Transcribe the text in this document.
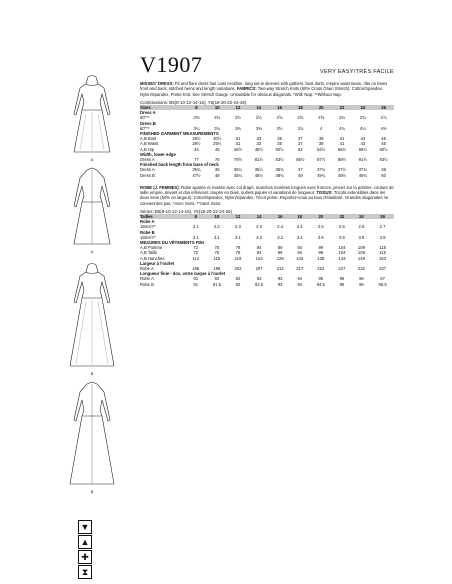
A
A
B
B
▼
▲
✚
⧗
V1907	VERY EASY/TRÈS FACILE
MISSES' DRESS: Fit and flare dress has cowl neckline, long set-in sleeves with gathers, bust darts, empire waist seam, ribs on lower front and back, stitched hems and length variations. FABRICS: Two-way Stretch Knits (50% Cross Grain Stretch): Cotton/Spandex, Nylon/Spandex, Ponte Knit. See Stretch Gauge. Unsuitable for obvious diagonals. *With Nap. **Without Nap.
Combinations: B5(8-10-12-14-16), Y5(18-20-22-24-26)
Sizes	8	10	12	14	16	18	20	22	24	26
Dress A										
60"**	2⅜	2⅜	2½	2½	2⅝	2⅝	2⅝	2¾	2¾	2⅞
Dress B										
60"**	3¼	3¼	3⅜	3⅜	3½	3⅞	4	4⅛	4¼	4⅜
FINISHED GARMENT MEASUREMENTS										
A,B Bust	28½	30½	31	33	35	37	39	41	43	45
A,B Waist	28½	25½	31	33	35	37	39	41	43	45
A,B Hip	44	46	46½	48½	50½	52	54½	56½	58½	60½
Width, lower edge										
Dress A	77	76	79½	81½	83½	85½	87½	89½	91½	93½
Finished back length from base of neck										
Dress A	35¾	36	36¼	36½	36¾	37	37¼	37½	37¾	38
Dress B	47½	48	48¼	48½	48¾	49	49¼	49½	49¾	50
ROBE (J. FEMMES): Robe ajustée et évasée avec col drapé, manches montées longues avec fronces, pinces sur la poitrine, couture de taille empire, devant et dos inférieurs coupés en biais, ourlets piqués et variations de longueur. TISSUS: Tricots extensibles dans les deux sens (50% en largeur): Coton/Spandex, Nylon/Spandex, Tricot ponte. Reportez-vous au taux d'élasticité. Grandes diagonales ne conviennent pas. *Avec Sens. **Sans Sens.
Séries: B5(8-10-12-14-16), Y5(18-20-22-24-26)
Tailles	8	10	12	14	16	18	20	22	24	26
Robe A										
150cm**	2.1	2.2	2.3	2.3	2.4	2.4	2.6	2.6	2.6	2.7
Robe B										
150cm**	3.1	3.1	3.1	3.2	3.2	3.4	3.5	3.6	3.8	3.9
MESURES DU VÊTEMENTS FINI										
A,B Poitrine	72	75	78	84	89	94	99	104	109	115
A,B Taille	72	75	78	84	89	94	99	104	109	115
A,B Hanches	112	115	119	123	128	132	138	143	148	153
Largeur à l'ourlet										
Robe A	196	199	202	207	212	217	222	227	232	237
Longueur finie - dos, votre nuque à l'ourlet										
Robe A	91	92	92	93	93	94	95	95	96	97
Robe B	91	91.5	92	92.5	93	94	94.5	95	96	96.5
